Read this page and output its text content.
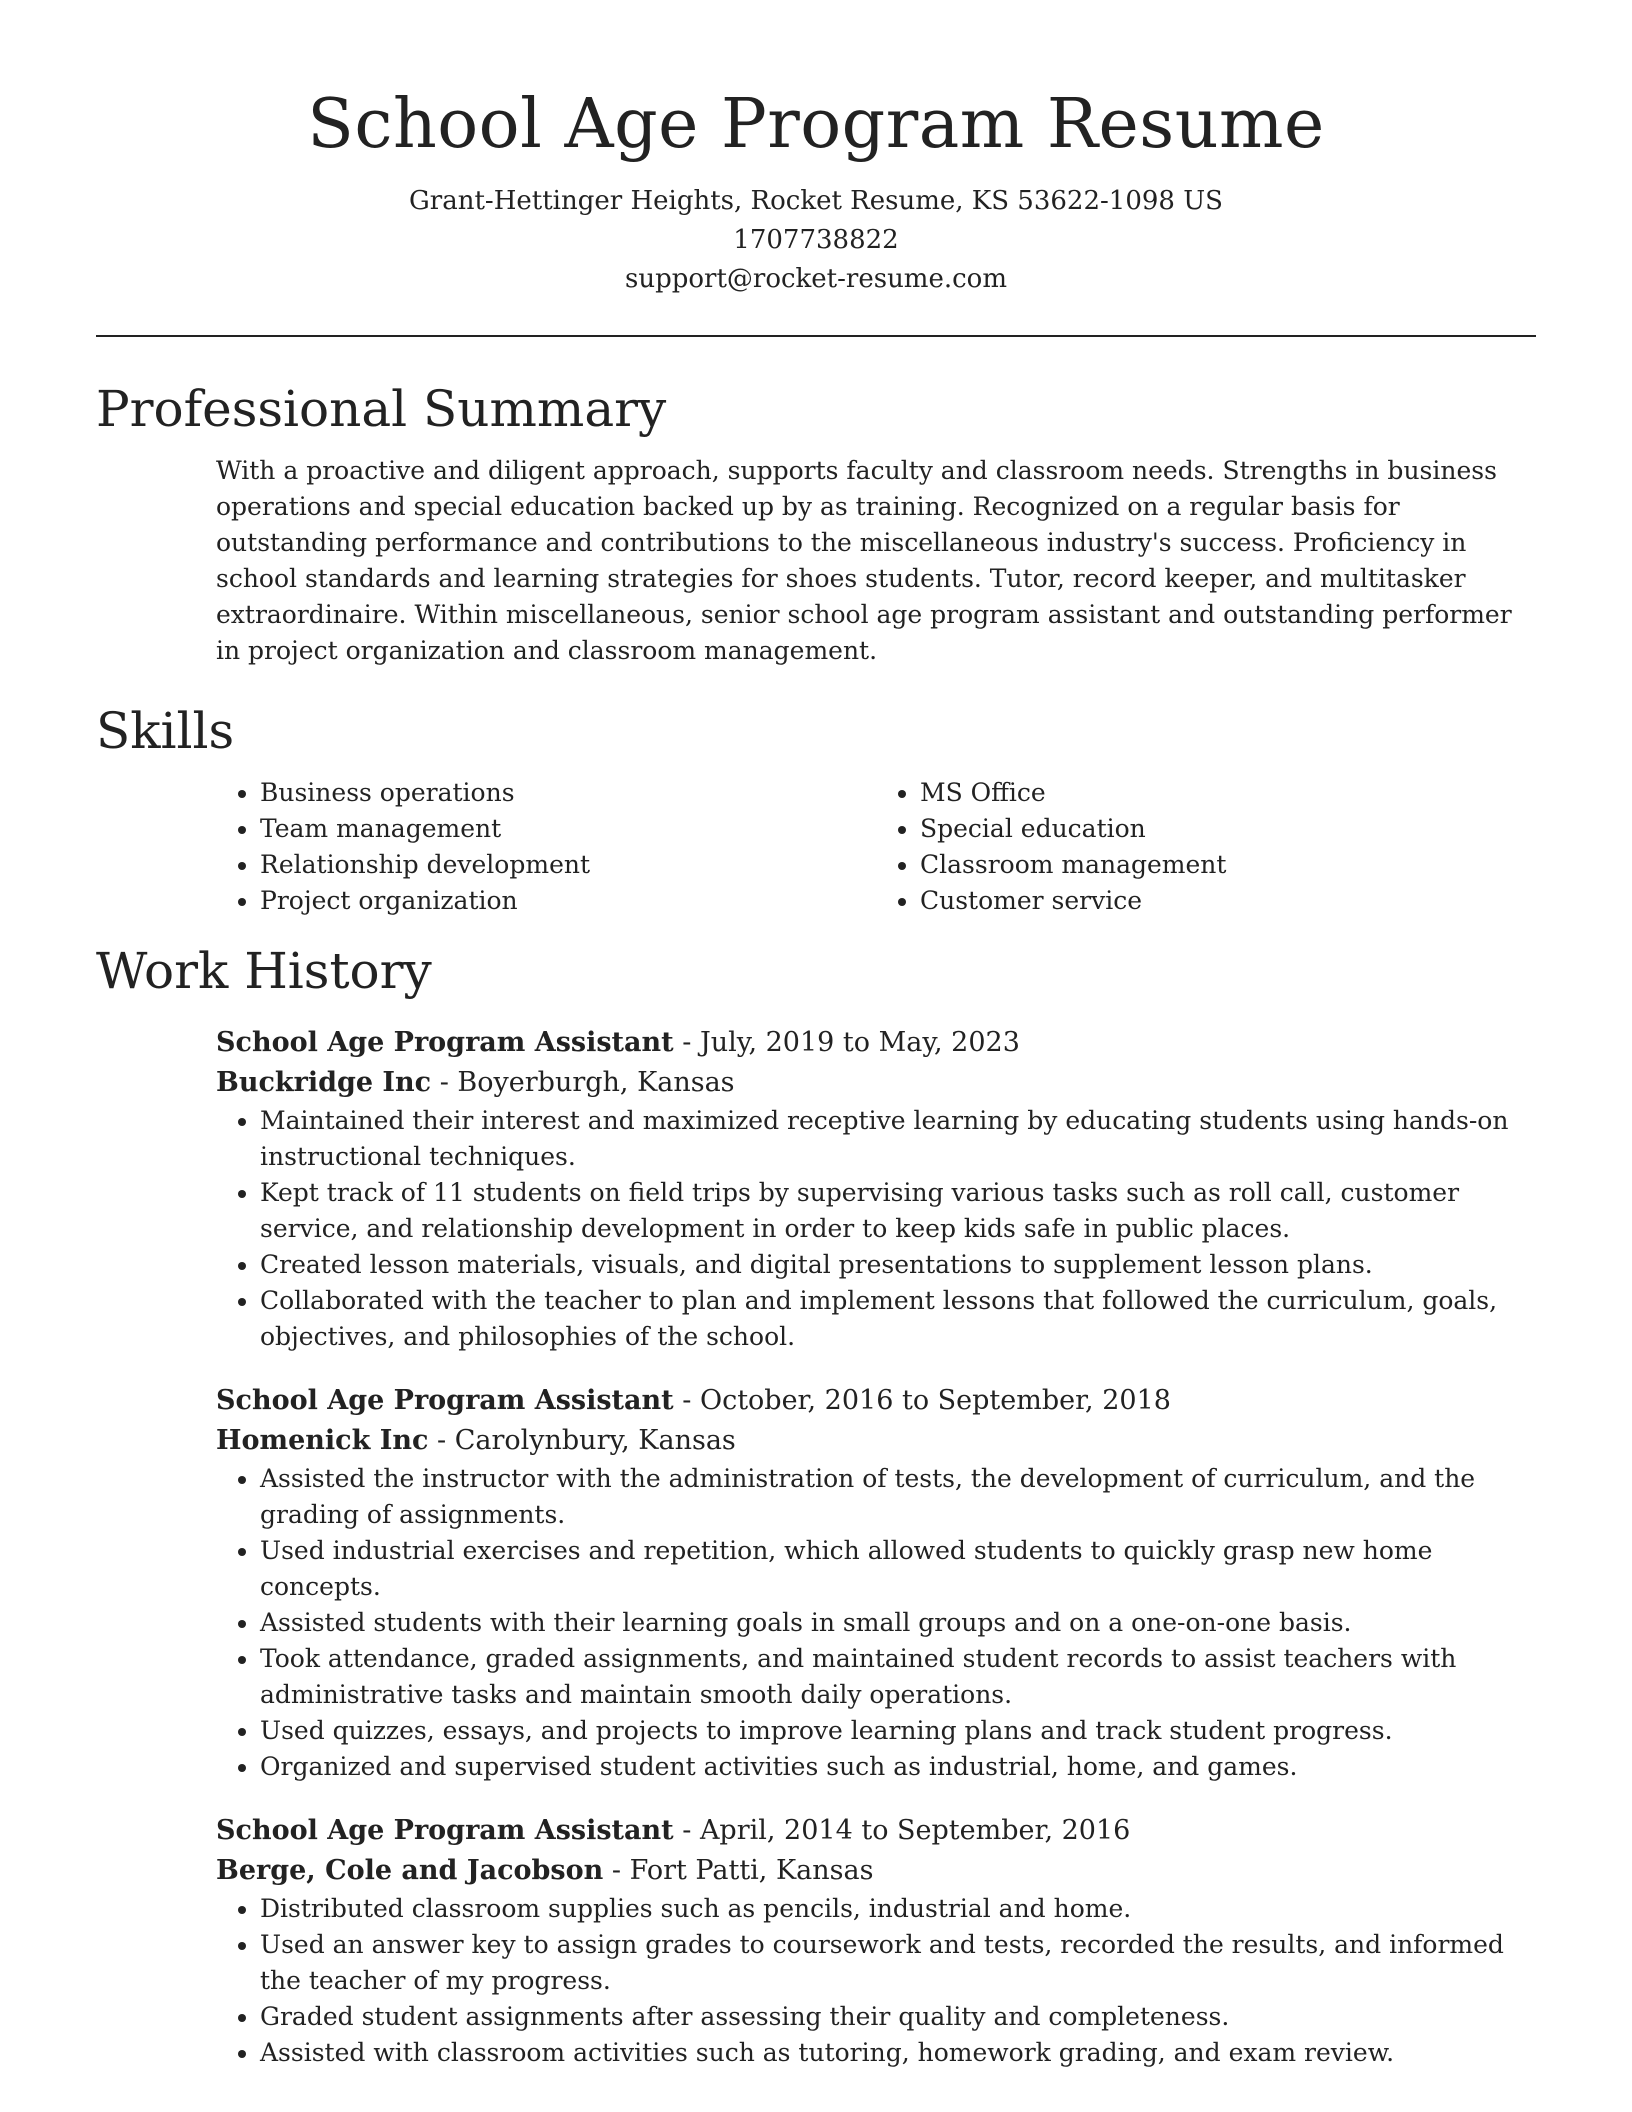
School Age Program Resume
Grant-Hettinger Heights, Rocket Resume, KS 53622-1098 US
1707738822
support@rocket-resume.com
Professional Summary

With a proactive and diligent approach, supports faculty and classroom needs. Strengths in business operations and special education backed up by as training. Recognized on a regular basis for outstanding performance and contributions to the miscellaneous industry's success. Proficiency in school standards and learning strategies for shoes students. Tutor, record keeper, and multitasker extraordinaire. Within miscellaneous, senior school age program assistant and outstanding performer in project organization and classroom management.

Skills
• Business operations
• Team management
• Relationship development
• Project organization
• MS Office
• Special education
• Classroom management
• Customer service
Work History
School Age Program Assistant - July, 2019 to May, 2023
Buckridge Inc - Boyerburgh, Kansas
• Maintained their interest and maximized receptive learning by educating students using hands-on instructional techniques.
• Kept track of 11 students on field trips by supervising various tasks such as roll call, customer service, and relationship development in order to keep kids safe in public places.
• Created lesson materials, visuals, and digital presentations to supplement lesson plans.
• Collaborated with the teacher to plan and implement lessons that followed the curriculum, goals, objectives, and philosophies of the school.
School Age Program Assistant - October, 2016 to September, 2018
Homenick Inc - Carolynbury, Kansas
• Assisted the instructor with the administration of tests, the development of curriculum, and the grading of assignments.
• Used industrial exercises and repetition, which allowed students to quickly grasp new home concepts.
• Assisted students with their learning goals in small groups and on a one-on-one basis.
• Took attendance, graded assignments, and maintained student records to assist teachers with administrative tasks and maintain smooth daily operations.
• Used quizzes, essays, and projects to improve learning plans and track student progress.
• Organized and supervised student activities such as industrial, home, and games.
School Age Program Assistant - April, 2014 to September, 2016
Berge, Cole and Jacobson - Fort Patti, Kansas
• Distributed classroom supplies such as pencils, industrial and home.
• Used an answer key to assign grades to coursework and tests, recorded the results, and informed the teacher of my progress.
• Graded student assignments after assessing their quality and completeness.
• Assisted with classroom activities such as tutoring, homework grading, and exam review.
